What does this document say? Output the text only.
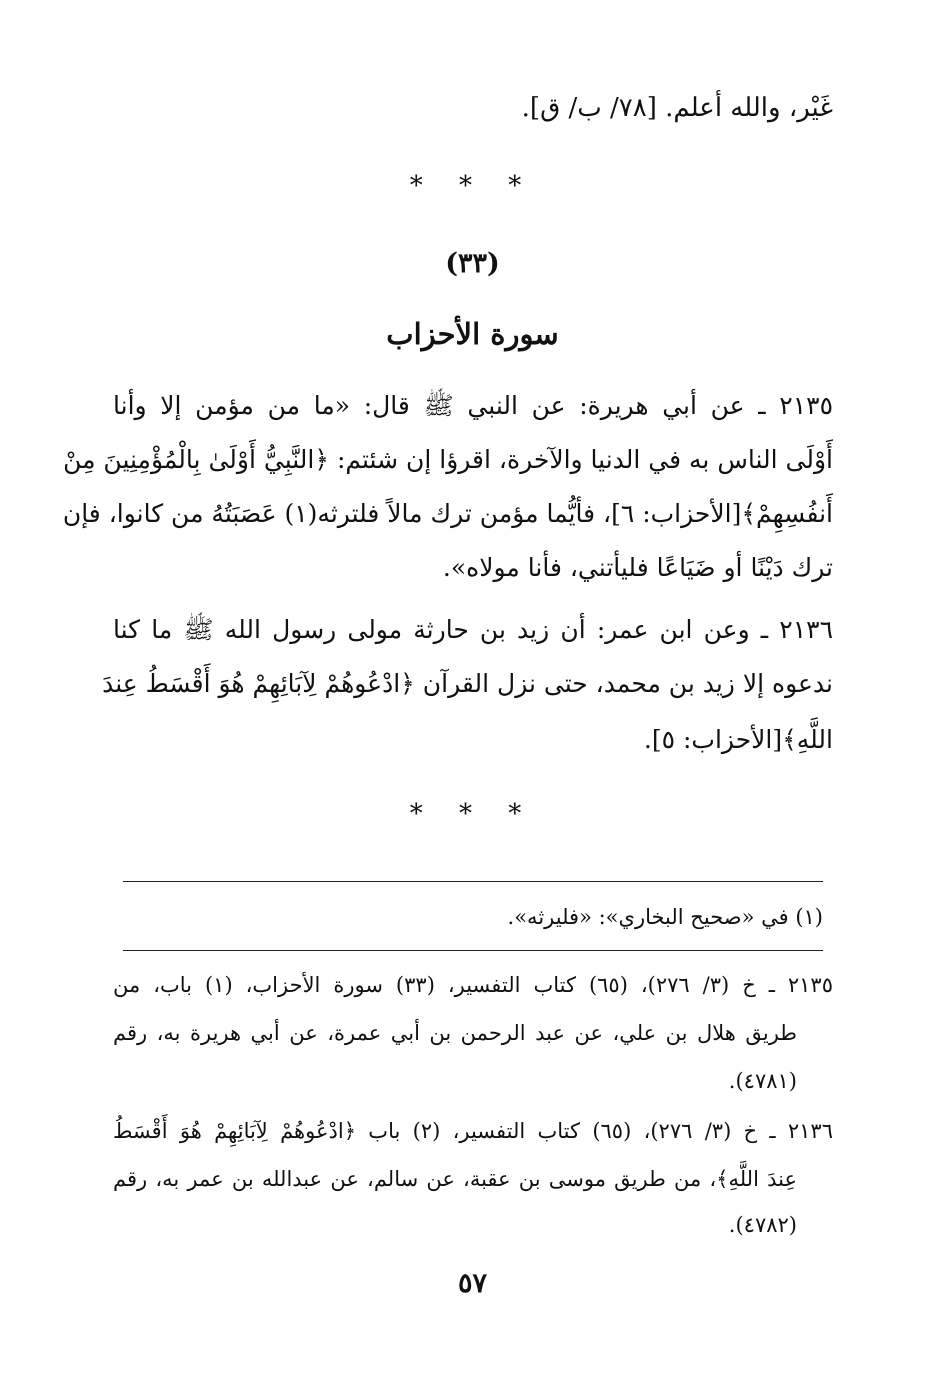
غَيْر، والله أعلم. [٧٨/ ب/ ق].
* * *
(٣٣)
سورة الأحزاب
٢١٣٥ ـ عن أبي هريرة: عن النبي ﷺ قال: «ما من مؤمن إلا وأنا
أَوْلَى الناس به في الدنيا والآخرة، اقرؤا إن شئتم: ﴿النَّبِيُّ أَوْلَىٰ بِالْمُؤْمِنِينَ مِنْ
أَنفُسِهِمْ﴾[الأحزاب: ٦]، فأيُّما مؤمن ترك مالاً فلترثه(١) عَصَبَتُهُ من كانوا، فإن
ترك دَيْنًا أو ضَيَاعًا فليأتني، فأنا مولاه».
٢١٣٦ ـ وعن ابن عمر: أن زيد بن حارثة مولى رسول الله ﷺ ما كنا
ندعوه إلا زيد بن محمد، حتى نزل القرآن ﴿ادْعُوهُمْ لِآبَائِهِمْ هُوَ أَقْسَطُ عِندَ
اللَّهِ﴾[الأحزاب: ٥].
* * *
(١) في «صحيح البخاري»: «فليرثه».
٢١٣٥ ـ خ (٣/ ٢٧٦)، (٦٥) كتاب التفسير، (٣٣) سورة الأحزاب، (١) باب، من
طريق هلال بن علي، عن عبد الرحمن بن أبي عمرة، عن أبي هريرة به، رقم
(٤٧٨١).
٢١٣٦ ـ خ (٣/ ٢٧٦)، (٦٥) كتاب التفسير، (٢) باب ﴿ادْعُوهُمْ لِآبَائِهِمْ هُوَ أَقْسَطُ
عِندَ اللَّهِ﴾، من طريق موسى بن عقبة، عن سالم، عن عبدالله بن عمر به، رقم
(٤٧٨٢).
٥٧
